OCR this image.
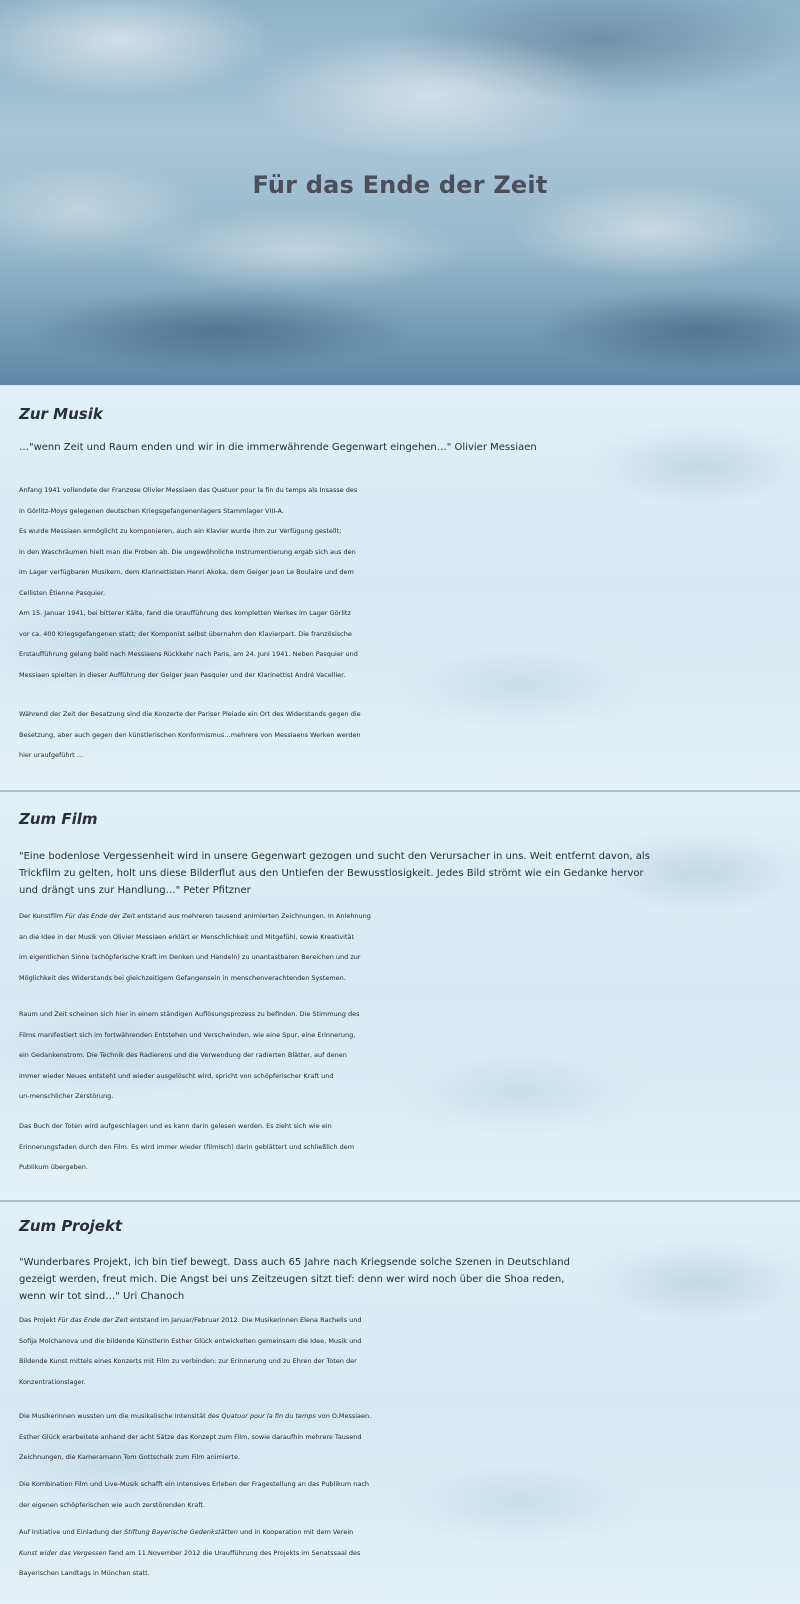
Für das Ende der Zeit
Zur Musik

…"wenn Zeit und Raum enden und wir in die immerwährende Gegenwart eingehen…" Olivier Messiaen

Anfang 1941 vollendete der Franzose Olivier Messiaen das Quatuor pour la fin du temps als Insasse des
in Görlitz-Moys gelegenen deutschen Kriegsgefangenenlagers Stammlager VIII-A.
Es wurde Messiaen ermöglicht zu komponieren, auch ein Klavier wurde ihm zur Verfügung gestellt;
in den Waschräumen hielt man die Proben ab. Die ungewöhnliche Instrumentierung ergab sich aus den
im Lager verfügbaren Musikern, dem Klarinettisten Henri Akoka, dem Geiger Jean Le Boulaire und dem
Cellisten Ètienne Pasquier.
Am 15. Januar 1941, bei bitterer Kälte, fand die Uraufführung des kompletten Werkes im Lager Görlitz
vor ca. 400 Kriegsgefangenen statt; der Komponist selbst übernahm den Klavierpart. Die französische
Erstaufführung gelang bald nach Messiaens Rückkehr nach Paris, am 24. Juni 1941. Neben Pasquier und
Messiaen spielten in dieser Aufführung der Geiger Jean Pasquier und der Klarinettist André Vacellier.

Während der Zeit der Besatzung sind die Konzerte der Pariser Pleiade ein Ort des Widerstands gegen die
Besetzung, aber auch gegen den künstlerischen Konformismus…mehrere von Messiaens Werken werden
hier uraufgeführt …

Zum Film

"Eine bodenlose Vergessenheit wird in unsere Gegenwart gezogen und sucht den Verursacher in uns. Weit entfernt davon, als
Trickfilm zu gelten, holt uns diese Bilderflut aus den Untiefen der Bewusstlosigkeit. Jedes Bild strömt wie ein Gedanke hervor
und drängt uns zur Handlung…" Peter Pfitzner

Der Kunstfilm Für das Ende der Zeit entstand aus mehreren tausend animierten Zeichnungen. In Anlehnung
an die Idee in der Musik von Olivier Messiaen erklärt er Menschlichkeit und Mitgefühl, sowie Kreativität
im eigentlichen Sinne (schöpferische Kraft im Denken und Handeln) zu unantastbaren Bereichen und zur
Möglichkeit des Widerstands bei gleichzeitigem Gefangensein in menschenverachtenden Systemen.

Raum und Zeit scheinen sich hier in einem ständigen Auflösungsprozess zu befinden. Die Stimmung des
Films manifestiert sich im fortwährenden Entstehen und Verschwinden, wie eine Spur, eine Erinnerung,
ein Gedankenstrom. Die Technik des Radierens und die Verwendung der radierten Blätter, auf denen
immer wieder Neues entsteht und wieder ausgelöscht wird, spricht von schöpferischer Kraft und
un-menschlicher Zerstörung.

Das Buch der Toten wird aufgeschlagen und es kann darin gelesen werden. Es zieht sich wie ein
Erinnerungsfaden durch den Film. Es wird immer wieder (filmisch) darin geblättert und schließlich dem
Publikum übergeben.

Zum Projekt

"Wunderbares Projekt, ich bin tief bewegt. Dass auch 65 Jahre nach Kriegsende solche Szenen in Deutschland
gezeigt werden, freut mich. Die Angst bei uns Zeitzeugen sitzt tief: denn wer wird noch über die Shoa reden,
wenn wir tot sind…" Uri Chanoch

Das Projekt Für das Ende der Zeit entstand im Januar/Februar 2012. Die Musikerinnen Elena Rachelis und
Sofija Molchanova und die bildende Künstlerin Esther Glück entwickelten gemeinsam die Idee, Musik und
Bildende Kunst mittels eines Konzerts mit Film zu verbinden: zur Erinnerung und zu Ehren der Toten der
Konzentrationslager.

Die Musikerinnen wussten um die musikalische Intensität des Quatuor pour la fin du temps von O.Messiaen.
Esther Glück erarbeitete anhand der acht Sätze das Konzept zum Film, sowie daraufhin mehrere Tausend
Zeichnungen, die Kameramann Tom Gottschalk zum Film animierte.

Die Kombination Film und Live-Musik schafft ein intensives Erleben der Fragestellung an das Publikum nach
der eigenen schöpferischen wie auch zerstörenden Kraft.

Auf Initiative und Einladung der Stiftung Bayerische Gedenkstätten und in Kooperation mit dem Verein
Kunst wider das Vergessen fand am 11.November 2012 die Uraufführung des Projekts im Senatssaal des
Bayerischen Landtags in München statt.
